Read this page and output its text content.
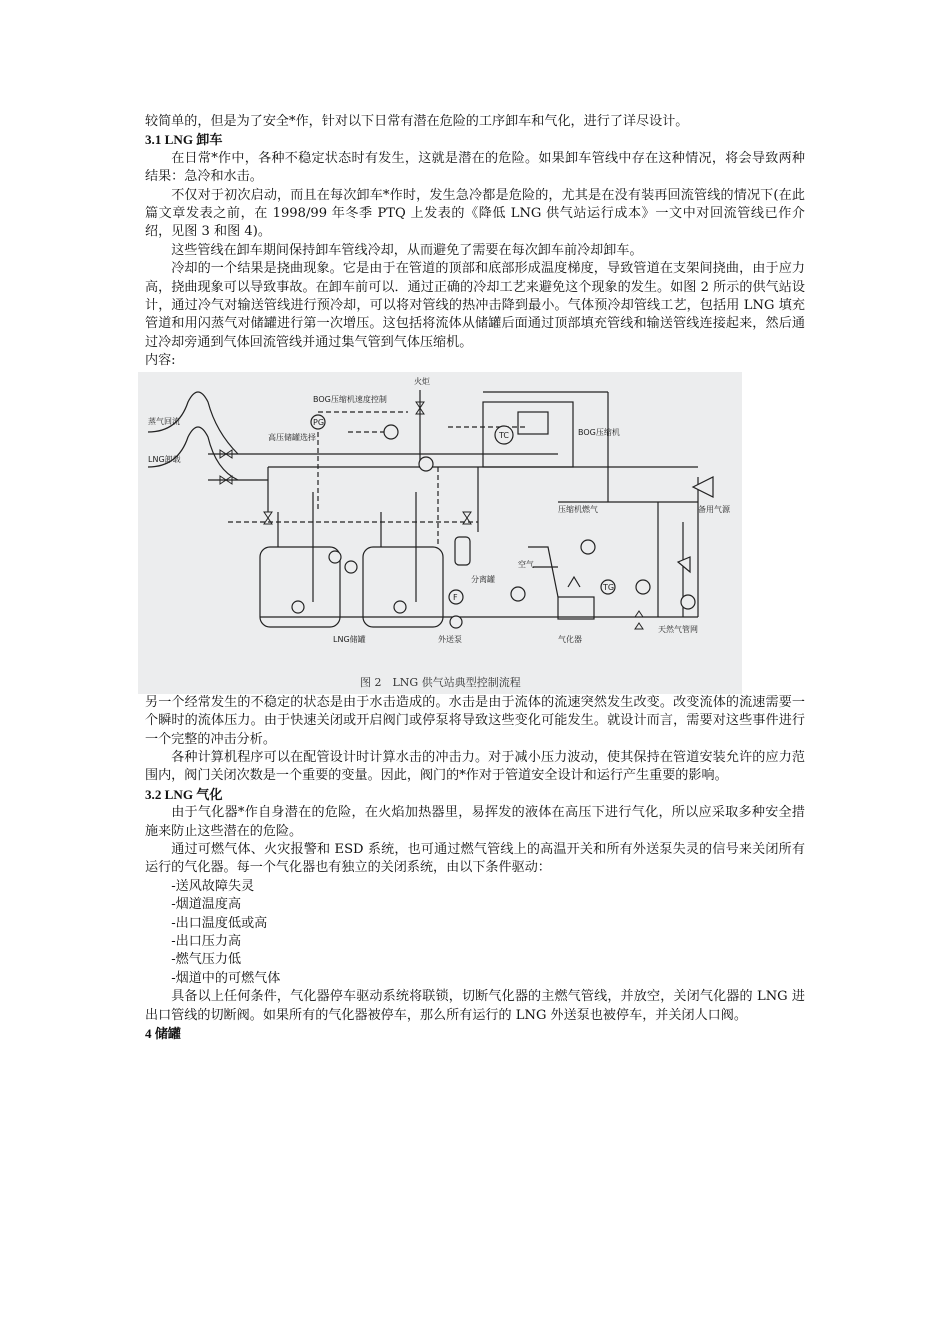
较简单的，但是为了安全*作，针对以下日常有潜在危险的工序卸车和气化，进行了详尽设计。

3.1 LNG 卸车

在日常*作中，各种不稳定状态时有发生，这就是潜在的危险。如果卸车管线中存在这种情况，将会导致两种结果：急冷和水击。

不仅对于初次启动，而且在每次卸车*作时，发生急冷都是危险的，尤其是在没有装再回流管线的情况下(在此篇文章发表之前，在 1998/99 年冬季 PTQ 上发表的《降低 LNG 供气站运行成本》一文中对回流管线已作介绍，见图 3 和图 4)。

这些管线在卸车期间保持卸车管线冷却，从而避免了需要在每次卸车前冷却卸车。

冷却的一个结果是挠曲现象。它是由于在管道的顶部和底部形成温度梯度，导致管道在支架间挠曲，由于应力高，挠曲现象可以导致事故。在卸车前可以．通过正确的冷却工艺来避免这个现象的发生。如图 2 所示的供气站设计，通过冷气对输送管线进行预冷却，可以将对管线的热冲击降到最小。气体预冷却管线工艺，包括用 LNG 填充管道和用闪蒸气对储罐进行第一次增压。这包括将流体从储罐后面通过顶部填充管线和输送管线连接起来，然后通过冷却旁通到气体回流管线并通过集气管到气体压缩机。

内容:

火炬
BOG压缩机速度控制
蒸气回流
LNG卸载
高压储罐选择
BOG压缩机
备用气源
压缩机燃气
空气
LNG储罐	外送泵	气化器
天然气管网
分离罐
PG
TC
F
TG
图 2　LNG 供气站典型控制流程

另一个经常发生的不稳定的状态是由于水击造成的。水击是由于流体的流速突然发生改变。改变流体的流速需要一个瞬时的流体压力。由于快速关闭或开启阀门或停泵将导致这些变化可能发生。就设计而言，需要对这些事件进行一个完整的冲击分析。

各种计算机程序可以在配管设计时计算水击的冲击力。对于减小压力波动，使其保持在管道安装允许的应力范围内，阀门关闭次数是一个重要的变量。因此，阀门的*作对于管道安全设计和运行产生重要的影响。

3.2 LNG 气化

由于气化器*作自身潜在的危险，在火焰加热器里，易挥发的液体在高压下进行气化，所以应采取多种安全措施来防止这些潜在的危险。

通过可燃气体、火灾报警和 ESD 系统，也可通过燃气管线上的高温开关和所有外送泵失灵的信号来关闭所有运行的气化器。每一个气化器也有独立的关闭系统，由以下条件驱动：

-送风故障失灵

-烟道温度高

-出口温度低或高

-出口压力高

-燃气压力低

-烟道中的可燃气体

具备以上任何条件，气化器停车驱动系统将联锁，切断气化器的主燃气管线，并放空，关闭气化器的 LNG 进出口管线的切断阀。如果所有的气化器被停车，那么所有运行的 LNG 外送泵也被停车，并关闭人口阀。

4 储罐
